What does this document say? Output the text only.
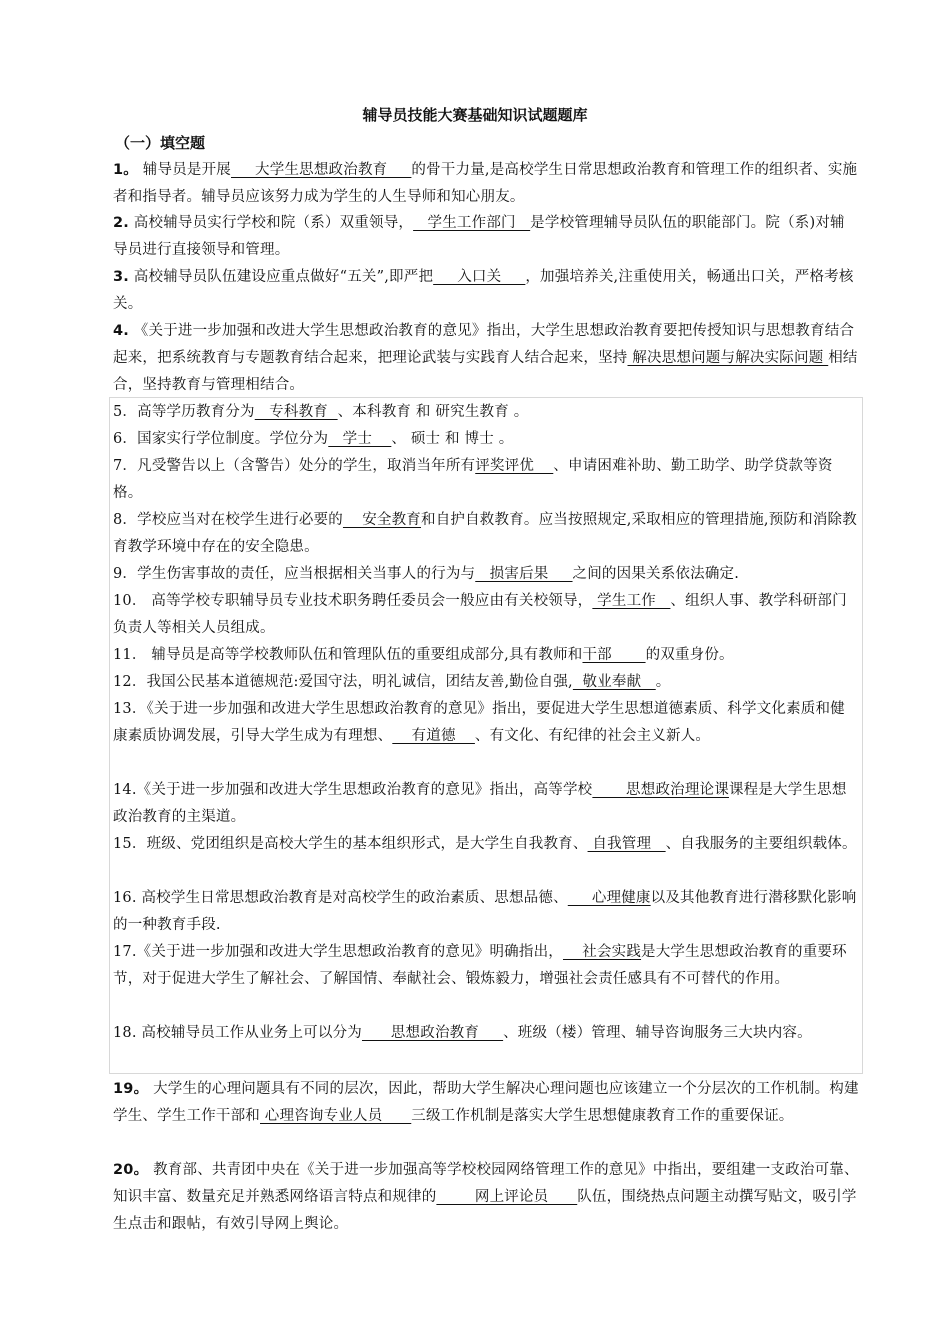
辅导员技能大赛基础知识试题题库
（一）填空题
1。 辅导员是开展     大学生思想政治教育     的骨干力量,是高校学生日常思想政治教育和管理工作的组织者、实施者和指导者。辅导员应该努力成为学生的人生导师和知心朋友。
2. 高校辅导员实行学校和院（系）双重领导，   学生工作部门   是学校管理辅导员队伍的职能部门。院（系)对辅导员进行直接领导和管理。
3. 高校辅导员队伍建设应重点做好“五关”,即严把     入口关     ，加强培养关,注重使用关，畅通出口关，严格考核关。
4. 《关于进一步加强和改进大学生思想政治教育的意见》指出，大学生思想政治教育要把传授知识与思想教育结合起来，把系统教育与专题教育结合起来，把理论武装与实践育人结合起来，坚持 解决思想问题与解决实际问题 相结合，坚持教育与管理相结合。
5．高等学历教育分为   专科教育  、本科教育 和 研究生教育 。
6．国家实行学位制度。学位分为   学士    、 硕士 和 博士 。
7．凡受警告以上（含警告）处分的学生，取消当年所有评奖评优    、申请困难补助、勤工助学、助学贷款等资格。
8．学校应当对在校学生进行必要的    安全教育和自护自救教育。应当按照规定,采取相应的管理措施,预防和消除教育教学环境中存在的安全隐患。
9．学生伤害事故的责任，应当根据相关当事人的行为与   损害后果     之间的因果关系依法确定.
10． 高等学校专职辅导员专业技术职务聘任委员会一般应由有关校领导， 学生工作   、组织人事、教学科研部门负责人等相关人员组成。
11． 辅导员是高等学校教师队伍和管理队伍的重要组成部分,具有教师和干部       的双重身份。
12．我国公民基本道德规范:爱国守法，明礼诚信，团结友善,勤俭自强,  敬业奉献   。
13．《关于进一步加强和改进大学生思想政治教育的意见》指出，要促进大学生思想道德素质、科学文化素质和健康素质协调发展，引导大学生成为有理想、    有道德    、有文化、有纪律的社会主义新人。
14.《关于进一步加强和改进大学生思想政治教育的意见》指出，高等学校       思想政治理论课课程是大学生思想政治教育的主渠道。
15．班级、党团组织是高校大学生的基本组织形式，是大学生自我教育、 自我管理   、自我服务的主要组织载体。
16. 高校学生日常思想政治教育是对高校学生的政治素质、思想品德、     心理健康以及其他教育进行潜移默化影响的一种教育手段.
17.《关于进一步加强和改进大学生思想政治教育的意见》明确指出，    社会实践是大学生思想政治教育的重要环节，对于促进大学生了解社会、了解国情、奉献社会、锻炼毅力，增强社会责任感具有不可替代的作用。
18. 高校辅导员工作从业务上可以分为      思想政治教育     、班级（楼）管理、辅导咨询服务三大块内容。
19。 大学生的心理问题具有不同的层次，因此，帮助大学生解决心理问题也应该建立一个分层次的工作机制。构建学生、学生工作干部和 心理咨询专业人员      三级工作机制是落实大学生思想健康教育工作的重要保证。
20。 教育部、共青团中央在《关于进一步加强高等学校校园网络管理工作的意见》中指出，要组建一支政治可靠、知识丰富、数量充足并熟悉网络语言特点和规律的        网上评论员      队伍，围绕热点问题主动撰写贴文，吸引学生点击和跟帖，有效引导网上舆论。
